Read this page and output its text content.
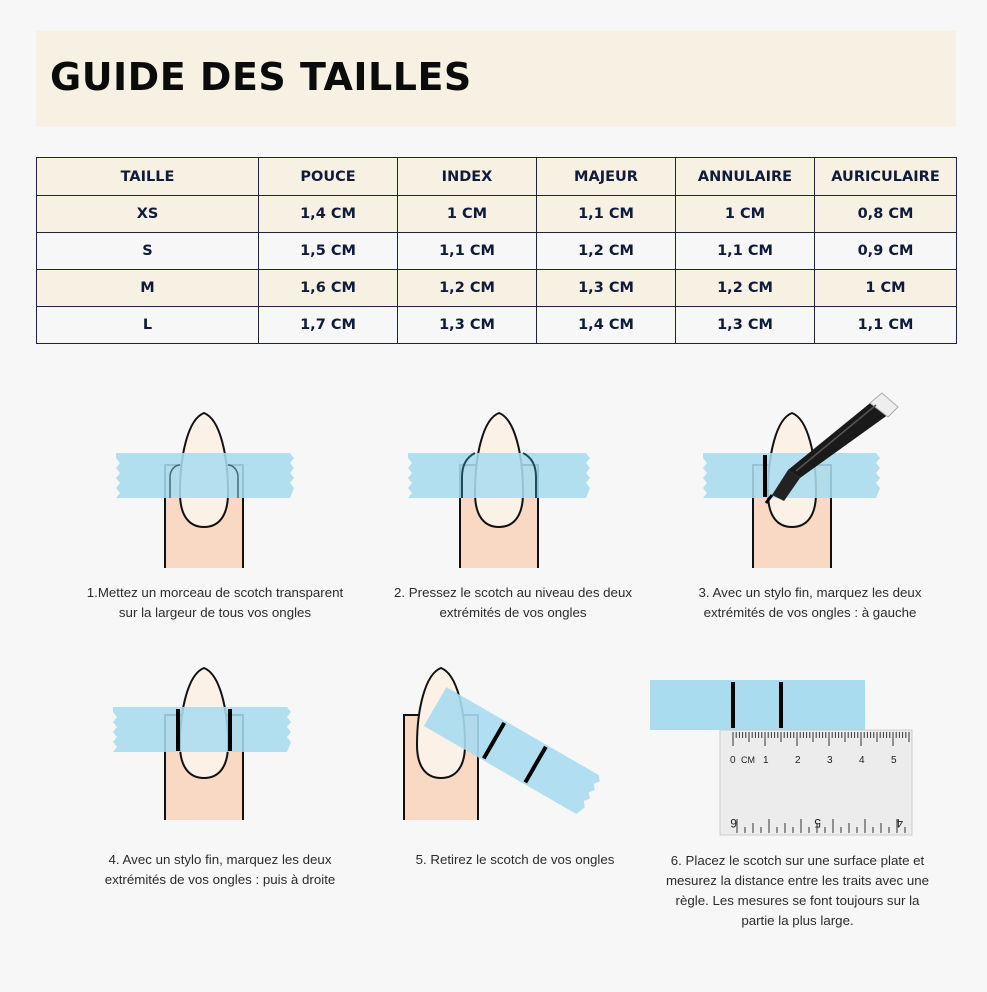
GUIDE DES TAILLES
TAILLE	POUCE	INDEX	MAJEUR	ANNULAIRE	AURICULAIRE
XS	1,4 CM	1 CM	1,1 CM	1 CM	0,8 CM
S	1,5 CM	1,1 CM	1,2 CM	1,1 CM	0,9 CM
M	1,6 CM	1,2 CM	1,3 CM	1,2 CM	1 CM
L	1,7 CM	1,3 CM	1,4 CM	1,3 CM	1,1 CM
1.Mettez un morceau de scotch transparent sur la largeur de tous vos ongles
2. Pressez le scotch au niveau des deux extrémités de vos ongles
3. Avec un stylo fin, marquez les deux extrémités de vos ongles : à gauche
4. Avec un stylo fin, marquez les deux extrémités de vos ongles : puis à droite
5. Retirez le scotch de vos ongles
0 CM 1	2	3	4	5
6	5	4
6. Placez le scotch sur une surface plate et mesurez la distance entre les traits avec une règle. Les mesures se font toujours sur la partie la plus large.
